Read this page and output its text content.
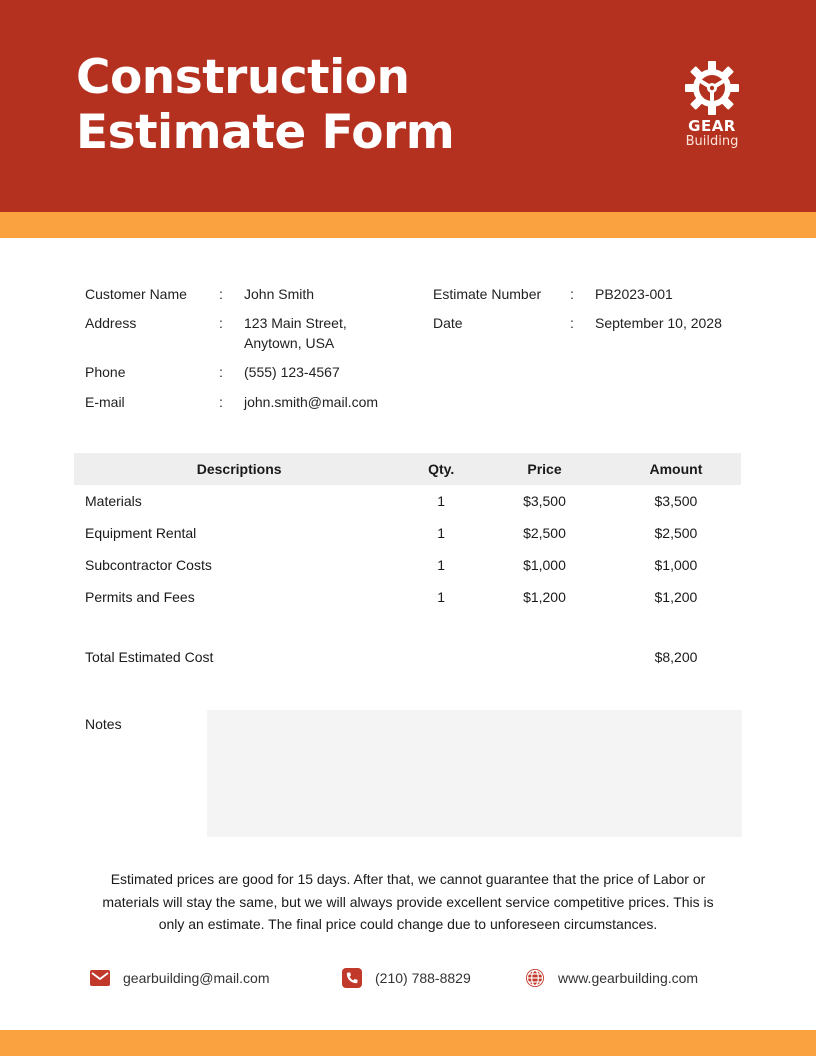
Construction
Estimate Form	GEAR
Building
Customer Name : John Smith
Address	: 123 Main Street,
Anytown, USA
Phone	: (555) 123-4567
E-mail	: john.smith@mail.com
Estimate Number : PB2023-001
Date	: September 10, 2028
Descriptions	Qty.	Price	Amount
Materials	1	$3,500	$3,500
Equipment Rental	1	$2,500	$2,500
Subcontractor Costs	1	$1,000	$1,000
Permits and Fees	1	$1,200	$1,200
Total Estimated Cost	$8,200
Notes

Estimated prices are good for 15 days. After that, we cannot guarantee that the price of Labor or
materials will stay the same, but we will always provide excellent service competitive prices. This is
only an estimate. The final price could change due to unforeseen circumstances.

gearbuilding@mail.com	(210) 788-8829	www.gearbuilding.com
